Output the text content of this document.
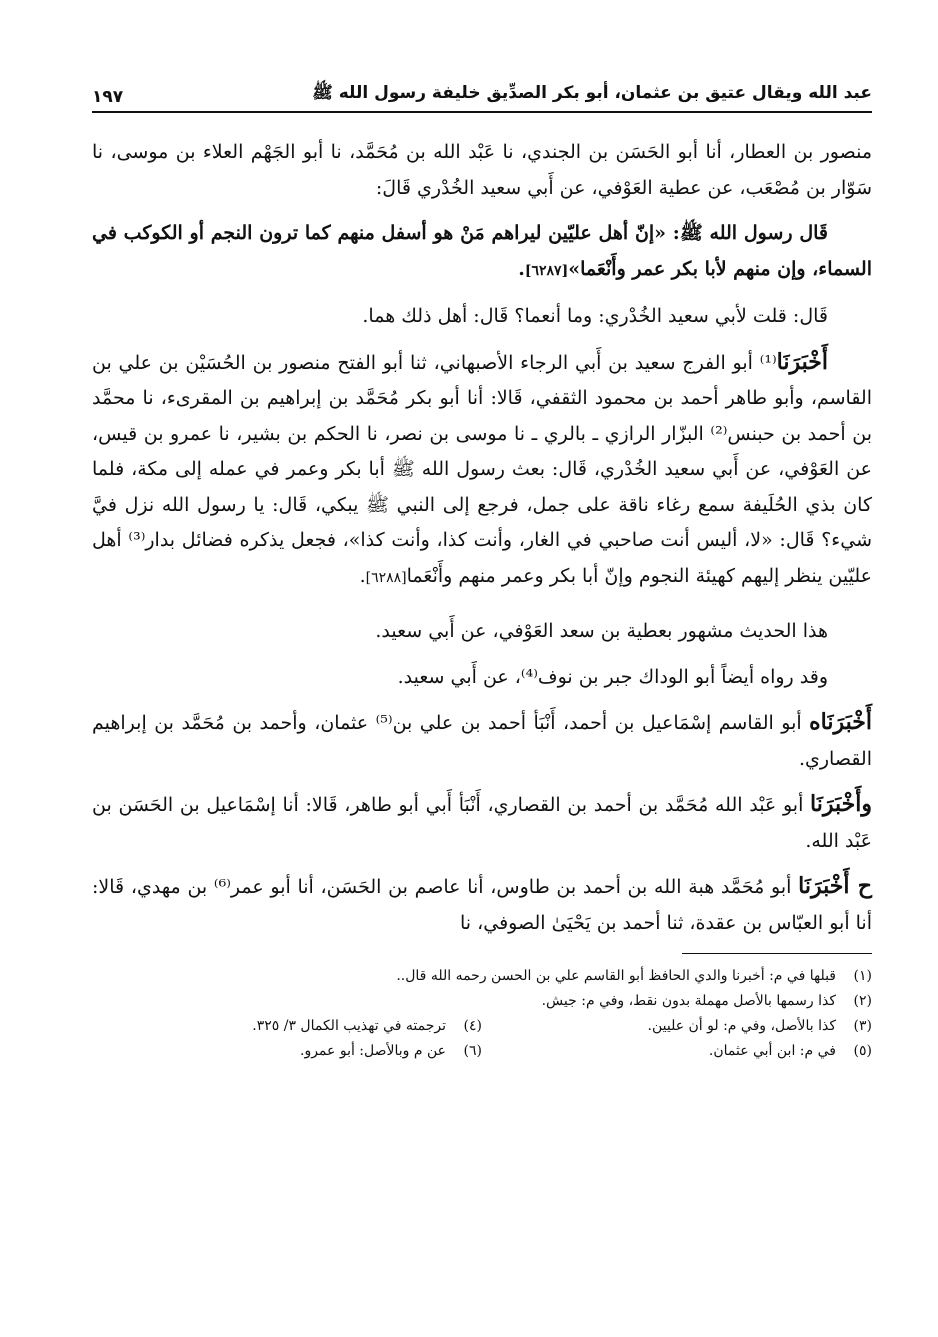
عبد الله ويقال عتيق بن عثمان، أبو بكر الصدِّيق خليفة رسول الله ﷺ
١٩٧

منصور بن العطار، أنا أبو الحَسَن بن الجندي، نا عَبْد الله بن مُحَمَّد، نا أبو الجَهْم العلاء بن موسى، نا سَوّار بن مُصْعَب، عن عطية العَوْفي، عن أَبي سعيد الخُدْري قَالَ:

قَال رسول الله ﷺ: «إنّ أهل عليّين ليراهم مَنْ هو أسفل منهم كما ترون النجم أو الكوكب في السماء، وإن منهم لأبا بكر عمر وأَنْعَما»[٦٢٨٧].

قَال: قلت لأبي سعيد الخُدْري: وما أنعما؟ قَال: أهل ذلك هما.

أَخْبَرَنَا⁽¹⁾ أبو الفرج سعيد بن أَبي الرجاء الأصبهاني، ثنا أبو الفتح منصور بن الحُسَيْن بن علي بن القاسم، وأبو طاهر أحمد بن محمود الثقفي، قَالا: أنا أبو بكر مُحَمَّد بن إبراهيم بن المقرىء، نا محمَّد بن أحمد بن حبنس⁽²⁾ البزّار الرازي ـ بالري ـ نا موسى بن نصر، نا الحكم بن بشير، نا عمرو بن قيس، عن العَوْفي، عن أَبي سعيد الخُدْري، قَال: بعث رسول الله ﷺ أبا بكر وعمر في عمله إلى مكة، فلما كان بذي الحُلَيفة سمع رغاء ناقة على جمل، فرجع إلى النبي ﷺ يبكي، قَال: يا رسول الله نزل فيَّ شيء؟ قَال: «لا، أليس أنت صاحبي في الغار، وأنت كذا، وأنت كذا»، فجعل يذكره فضائل بدار⁽³⁾ أهل عليّين ينظر إليهم كهيئة النجوم وإنّ أبا بكر وعمر منهم وأَنْعَما[٦٢٨٨].

هذا الحديث مشهور بعطية بن سعد العَوْفي، عن أَبي سعيد.

وقد رواه أيضاً أبو الوداك جبر بن نوف⁽⁴⁾، عن أَبي سعيد.

أَخْبَرَنَاه أبو القاسم إسْمَاعيل بن أحمد، أَنْبَأ أحمد بن علي بن⁽⁵⁾ عثمان، وأحمد بن مُحَمَّد بن إبراهيم القصاري.

وأَخْبَرَنَا أبو عَبْد الله مُحَمَّد بن أحمد بن القصاري، أَنْبَأ أَبي أبو طاهر، قَالا: أنا إسْمَاعيل بن الحَسَن بن عَبْد الله.

ح أَخْبَرَنَا أبو مُحَمَّد هبة الله بن أحمد بن طاوس، أنا عاصم بن الحَسَن، أنا أبو عمر⁽⁶⁾ بن مهدي، قَالا: أنا أبو العبّاس بن عقدة، ثنا أحمد بن يَحْيَىٰ الصوفي، نا

(١)قبلها في م: أخبرنا والدي الحافظ أبو القاسم علي بن الحسن رحمه الله قال..
(٢)كذا رسمها بالأصل مهملة بدون نقط، وفي م: جيش.
(٣)كذا بالأصل، وفي م: لو أن عليين.
(٤)ترجمته في تهذيب الكمال ٣/ ٣٢٥.
(٥)في م: ابن أبي عثمان.
(٦)عن م وبالأصل: أبو عمرو.
